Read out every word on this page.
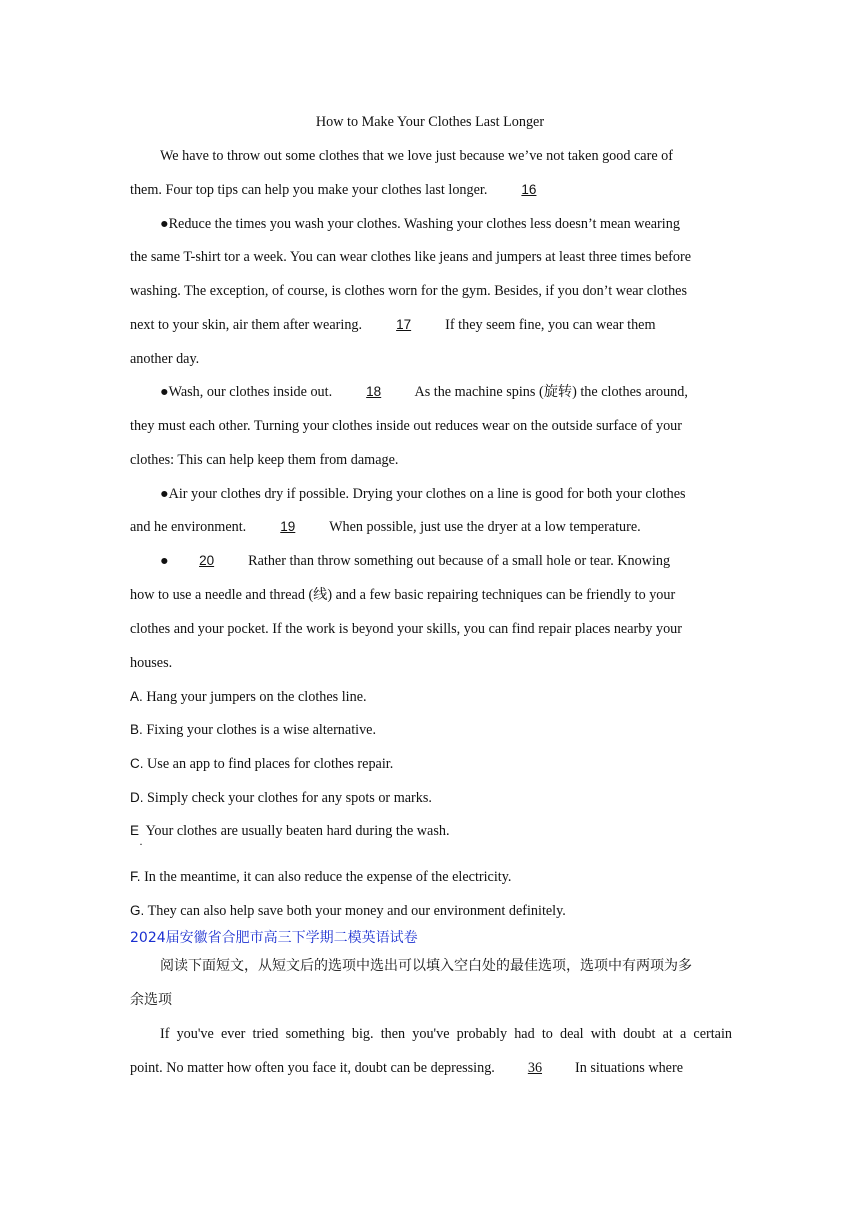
How to Make Your Clothes Last Longer
We have to throw out some clothes that we love just because we’ve not taken good care of
them. Four top tips can help you make your clothes last longer.	16
●Reduce the times you wash your clothes. Washing your clothes less doesn’t mean wearing
the same T-shirt tor a week. You can wear clothes like jeans and jumpers at least three times before
washing. The exception, of course, is clothes worn for the gym. Besides, if you don’t wear clothes
next to your skin, air them after wearing.	17 If they seem fine, you can wear them
another day.
●Wash, our clothes inside out.	18 As the machine spins (旋转) the clothes around,
they must each other. Turning your clothes inside out reduces wear on the outside surface of your
clothes: This can help keep them from damage.
●Air your clothes dry if possible. Drying your clothes on a line is good for both your clothes
and he environment.	19 When possible, just use the dryer at a low temperature.
● 20 Rather than throw something out because of a small hole or tear. Knowing
how to use a needle and thread (线) and a few basic repairing techniques can be friendly to your
clothes and your pocket. If the work is beyond your skills, you can find repair places nearby your
houses.
A. Hang your jumpers on the clothes line.
B. Fixing your clothes is a wise alternative.
C. Use an app to find places for clothes repair.
D. Simply check your clothes for any spots or marks.
E Your clothes are usually beaten hard during the wash.
·
F. In the meantime, it can also reduce the expense of the electricity.
G. They can also help save both your money and our environment definitely.
2024届安徽省合肥市高三下学期二模英语试卷
阅读下面短文，从短文后的选项中选出可以填入空白处的最佳选项，选项中有两项为多
余选项
If you've ever tried something big. then you've probably had to deal with doubt at a certain
point. No matter how often you face it, doubt can be depressing. 36 In situations where
